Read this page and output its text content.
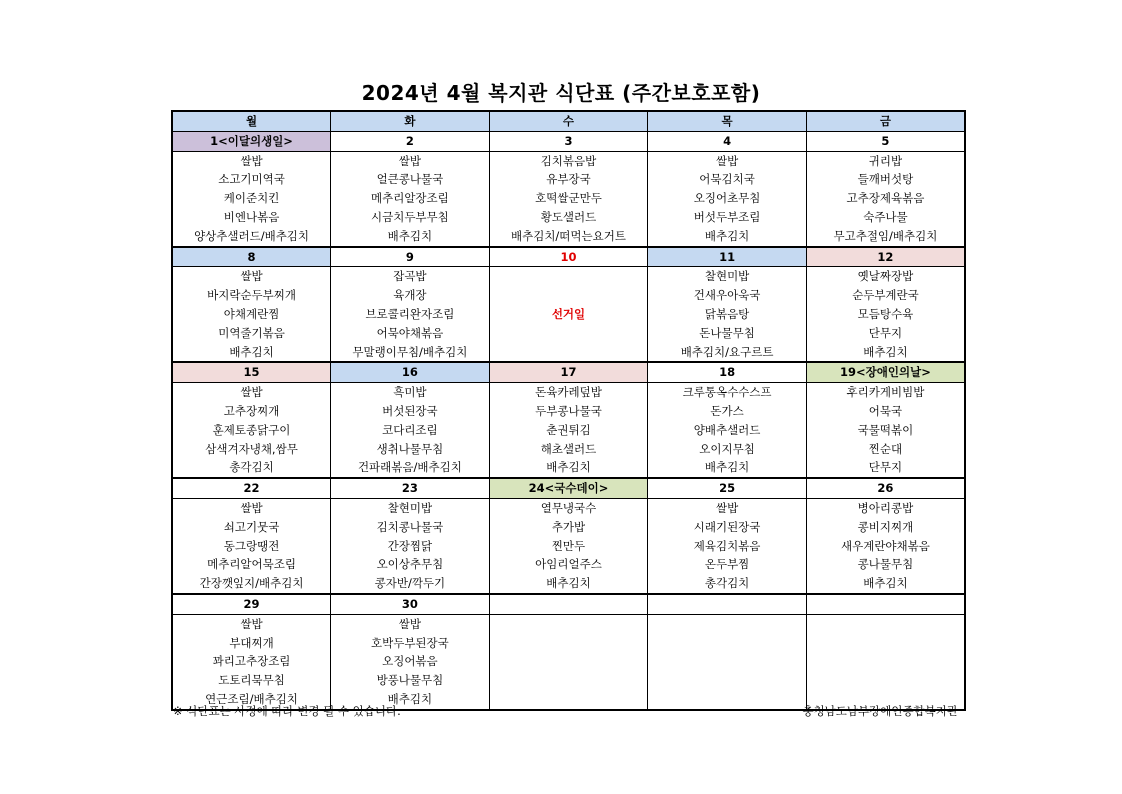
2024년 4월 복지관 식단표 (주간보호포함)
월	화	수	목	금
1<이달의생일>	2	3	4	5
쌀밥	쌀밥	김치볶음밥	쌀밥	귀리밥
소고기미역국	얼큰콩나물국	유부장국	어묵김치국	들깨버섯탕
케이준치킨	메추리알장조림	호떡쌀군만두	오징어초무침	고추장제육볶음
비엔나볶음	시금치두부무침	황도샐러드	버섯두부조림	숙주나물
양상추샐러드/배추김치	배추김치	배추김치/떠먹는요거트	배추김치	무고추절임/배추김치
8	9	10	11	12
쌀밥	잡곡밥		찰현미밥	옛날짜장밥
바지락순두부찌개	육개장		건새우아욱국	순두부계란국
야채계란찜	브로콜리완자조림	선거일	닭볶음탕	모듬탕수육
미역줄기볶음	어묵야채볶음		돈나물무침	단무지
배추김치	무말랭이무침/배추김치		배추김치/요구르트	배추김치
15	16	17	18	19<장애인의날>
쌀밥	흑미밥	돈육카레덮밥	크루통옥수수스프	후리카게비빔밥
고추장찌개	버섯된장국	두부콩나물국	돈가스	어묵국
훈제토종닭구이	코다리조림	춘권튀김	양배추샐러드	국물떡볶이
삼색겨자냉채,쌈무	생취나물무침	해초샐러드	오이지무침	찐순대
총각김치	건파래볶음/배추김치	배추김치	배추김치	단무지
22	23	24<국수데이>	25	26
쌀밥	찰현미밥	열무냉국수	쌀밥	병아리콩밥
쇠고기뭇국	김치콩나물국	추가밥	시래기된장국	콩비지찌개
동그랑땡전	간장찜닭	찐만두	제육김치볶음	새우계란야채볶음
메추리알어묵조림	오이상추무침	아임리얼주스	온두부찜	콩나물무침
간장깻잎지/배추김치	콩자반/깍두기	배추김치	총각김치	배추김치
29	30			
쌀밥	쌀밥			
부대찌개	호박두부된장국			
꽈리고추장조림	오징어볶음			
도토리묵무침	방풍나물무침			
연근조림/배추김치	배추김치			
※ 식단표는 사정에 따라 변경 될 수 있습니다.	충청남도남부장애인종합복지관
